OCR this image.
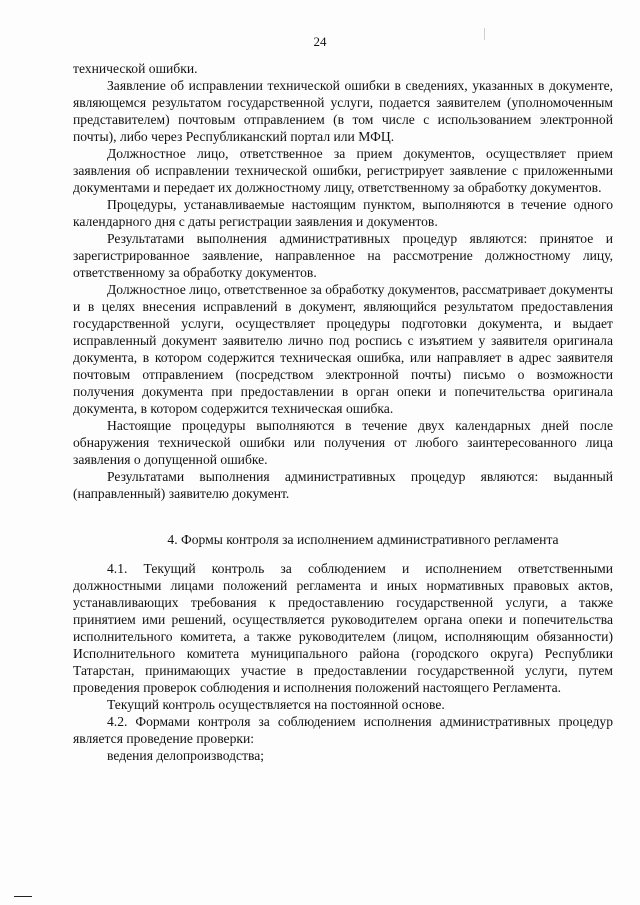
24

технической ошибки.

Заявление об исправлении технической ошибки в сведениях, указанных в документе, являющемся результатом государственной услуги, подается заявителем (уполномоченным представителем) почтовым отправлением (в том числе с использованием электронной почты), либо через Республиканский портал или МФЦ.

Должностное лицо, ответственное за прием документов, осуществляет прием заявления об исправлении технической ошибки, регистрирует заявление с приложенными документами и передает их должностному лицу, ответственному за обработку документов.

Процедуры, устанавливаемые настоящим пунктом, выполняются в течение одного календарного дня с даты регистрации заявления и документов.

Результатами выполнения административных процедур являются: принятое и зарегистрированное заявление, направленное на рассмотрение должностному лицу, ответственному за обработку документов.

Должностное лицо, ответственное за обработку документов, рассматривает документы и в целях внесения исправлений в документ, являющийся результатом предоставления государственной услуги, осуществляет процедуры подготовки документа, и выдает исправленный документ заявителю лично под роспись с изъятием у заявителя оригинала документа, в котором содержится техническая ошибка, или направляет в адрес заявителя почтовым отправлением (посредством электронной почты) письмо о возможности получения документа при предоставлении в орган опеки и попечительства оригинала документа, в котором содержится техническая ошибка.

Настоящие процедуры выполняются в течение двух календарных дней после обнаружения технической ошибки или получения от любого заинтересованного лица заявления о допущенной ошибке.

Результатами выполнения административных процедур являются: выданный (направленный) заявителю документ.

4. Формы контроля за исполнением административного регламента

4.1. Текущий контроль за соблюдением и исполнением ответственными должностными лицами положений регламента и иных нормативных правовых актов, устанавливающих требования к предоставлению государственной услуги, а также принятием ими решений, осуществляется руководителем органа опеки и попечительства исполнительного комитета, а также руководителем (лицом, исполняющим обязанности) Исполнительного комитета муниципального района (городского округа) Республики Татарстан, принимающих участие в предоставлении государственной услуги, путем проведения проверок соблюдения и исполнения положений настоящего Регламента.

Текущий контроль осуществляется на постоянной основе.

4.2. Формами контроля за соблюдением исполнения административных процедур является проведение проверки:

ведения делопроизводства;
